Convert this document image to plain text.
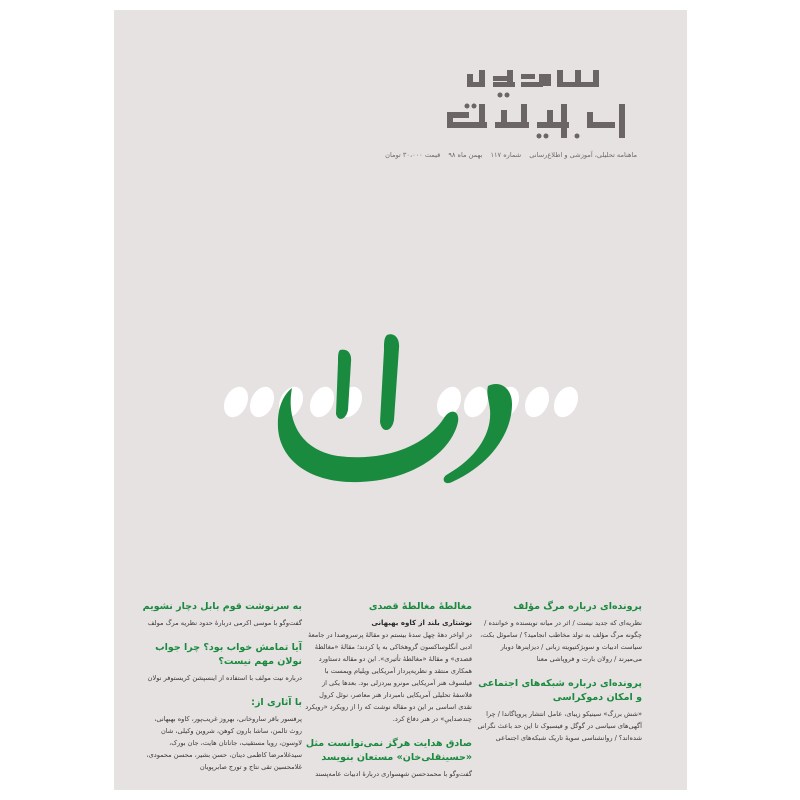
ماهنامه تحلیلی، آموزشی و اطلاع‌رسانی شماره ۱۱۷ بهمن ماه ۹۸ قیمت ۳۰،۰۰۰ تومان
پرونده‌ای درباره مرگ مؤلف
نظریه‌ای که جدید نیست / اثر در میانه نویسنده و خواننده / چگونه مرگ مؤلف به تولد مخاطب انجامید؟ / ساموئل بکت، سیاست ادبیات و سوبژکتیویته زبانی / دیزاینرها دوبار می‌میرند / رولان بارت و فروپاشی معنا
پرونده‌ای درباره شبکه‌های اجتماعی و امکان دموکراسی
«شش برزگ» سینیکو زیبای، عامل انتشار پروپاگاندا / چرا آگهی‌های سیاسی در گوگل و فیسبوک تا این حد باعث نگرانی شده‌اند؟ / روانشناسی سویهٔ تاریک شبکه‌های اجتماعی
مغالطهٔ مغالطهٔ قصدی
نوشتاری بلند از کاوه بهبهانی
در اواخر دههٔ چهل سدهٔ بیستم دو مقالهٔ پرسروصدا در جامعهٔ ادبی آنگلوساکسون گروهخاکی به پا کردند؛ مقالهٔ «مغالطهٔ قصدی» و مقالهٔ «مغالطهٔ تأثیری». این دو مقاله دستاورد همکاری منتقد و نظریه‌پرداز آمریکایی ویلیام ویمست با فیلسوف هنر آمریکایی مونرو بیردزلی بود. بعدها یکی از فلاسفهٔ تحلیلی آمریکایی نامبردار هنر معاصر، نوئل کرول نقدی اساسی بر این دو مقاله نوشت که را از رویکرد «رویکرد چندصداییِ» در هنر دفاع کرد.
صادق هدایت هرگز نمی‌توانست مثل «حسینقلی‌خان» مستعان بنویسد
گفت‌وگو با محمدحسن شهسواری دربارهٔ ادبیات عامه‌پسند
به سرنوشت قوم بابل دچار نشویم
گفت‌وگو با موسی اکرمی دربارهٔ حدود نظریه مرگ مولف
آیا تمامش خواب بود؟ چرا جواب نولان مهم نیست؟
درباره نیت مولف با استفاده از اینسپشن کریستوفر نولان
با آثاری از:
پرفسور باقر ساروخانی، بهروز غریب‌پور، کاوه بهبهانی، روث تالمن، ساشا بارون کوهن، شروین وکیلی، شان لاوسون، رویا مستقیب، جاناتان هایت، جان بورک، سیدغلامرضا کاظمی دینان، حسن بشیر، محسن محمودی، غلامحسین تقی نتاج و تورج صابرپویان
